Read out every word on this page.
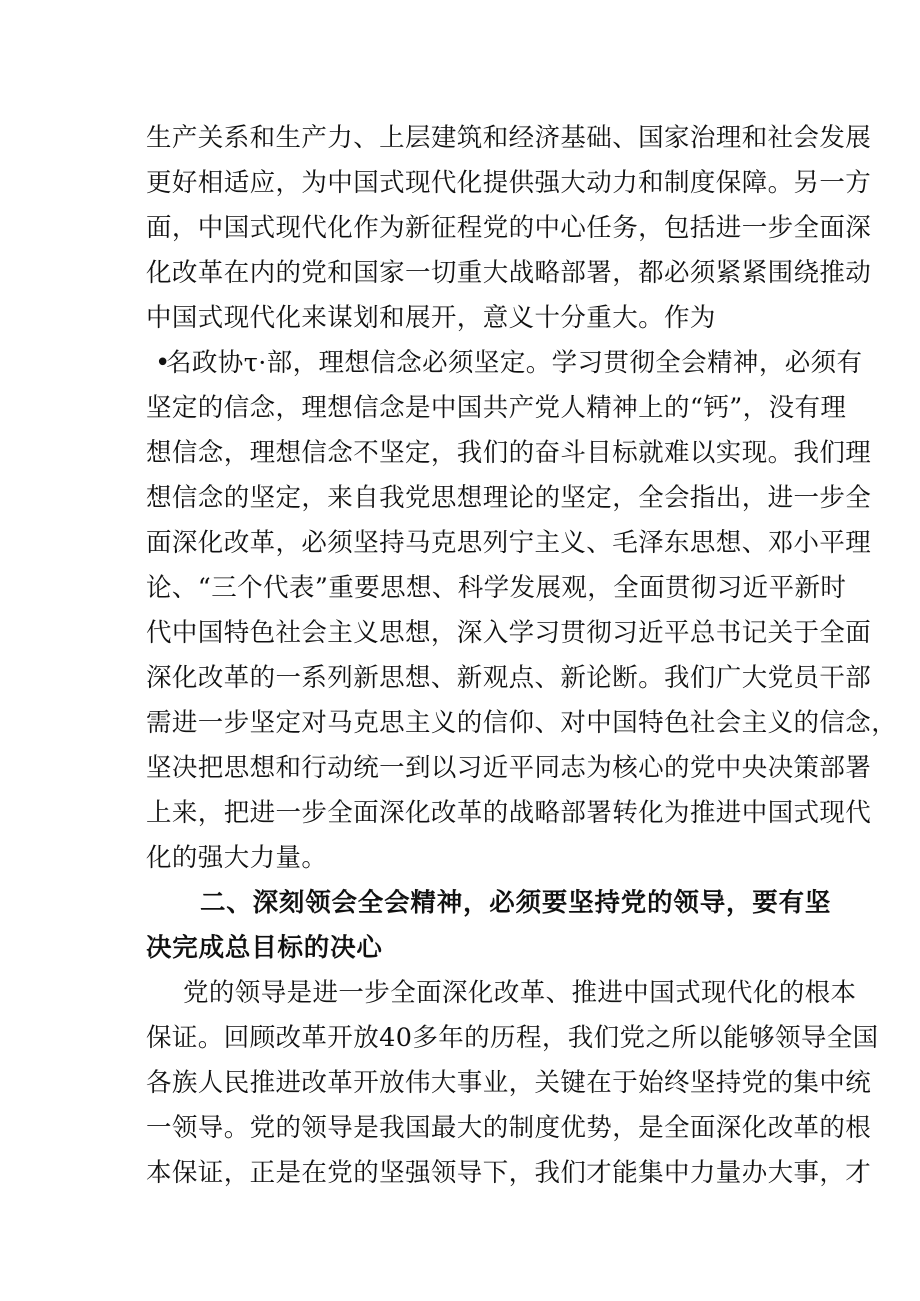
生产关系和生产力、上层建筑和经济基础、国家治理和社会发展
更好相适应，为中国式现代化提供强大动力和制度保障。另一方
面，中国式现代化作为新征程党的中心任务，包括进一步全面深
化改革在内的党和国家一切重大战略部署，都必须紧紧围绕推动
中国式现代化来谋划和展开，意义十分重大。作为
•
名政协τ·部，理想信念必须坚定。学习贯彻全会精神，必须有
坚定的信念，理想信念是中国共产党人精神上的“钙”，没有理
想信念，理想信念不坚定，我们的奋斗目标就难以实现。我们理
想信念的坚定，来自我党思想理论的坚定，全会指出，进一步全
面深化改革，必须坚持马克思列宁主义、毛泽东思想、邓小平理
论、“三个代表”重要思想、科学发展观，全面贯彻习近平新时
代中国特色社会主义思想，深入学习贯彻习近平总书记关于全面
深化改革的一系列新思想、新观点、新论断。我们广大党员干部
需进一步坚定对马克思主义的信仰、对中国特色社会主义的信念，
坚决把思想和行动统一到以习近平同志为核心的党中央决策部署
上来，把进一步全面深化改革的战略部署转化为推进中国式现代
化的强大力量。
二、深刻领会全会精神，必须要坚持党的领导，要有坚
决完成总目标的决心
党的领导是进一步全面深化改革、推进中国式现代化的根本
保证。回顾改革开放40多年的历程，我们党之所以能够领导全国
各族人民推进改革开放伟大事业，关键在于始终坚持党的集中统
一领导。党的领导是我国最大的制度优势，是全面深化改革的根
本保证，正是在党的坚强领导下，我们才能集中力量办大事，才
